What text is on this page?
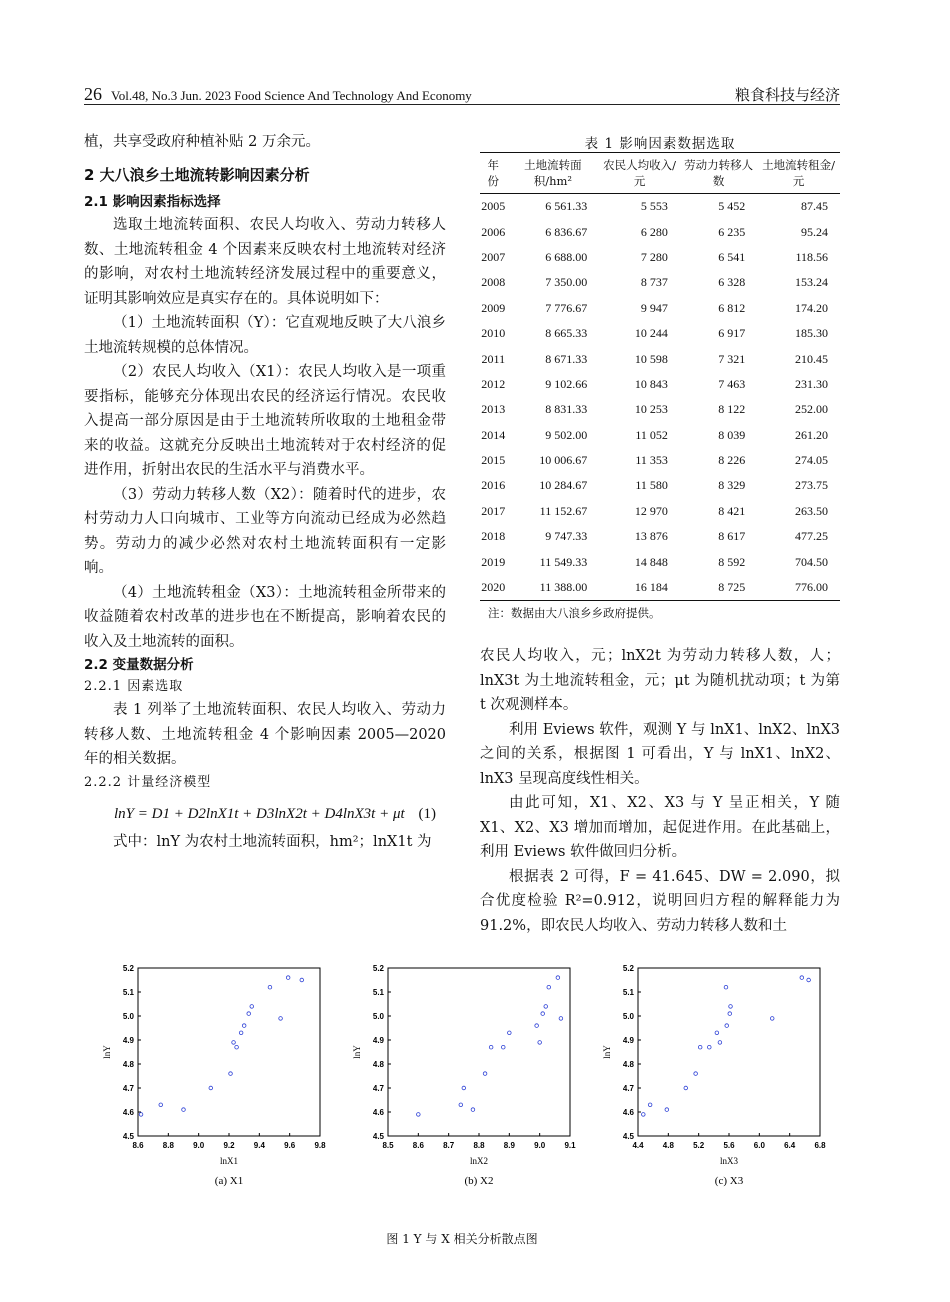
26 Vol.48, No.3 Jun. 2023 Food Science And Technology And Economy	粮食科技与经济

植，共享受政府种植补贴 2 万余元。

2 大八浪乡土地流转影响因素分析
2.1 影响因素指标选择

选取土地流转面积、农民人均收入、劳动力转移人数、土地流转租金 4 个因素来反映农村土地流转对经济的影响，对农村土地流转经济发展过程中的重要意义，证明其影响效应是真实存在的。具体说明如下：

（1）土地流转面积（Y）：它直观地反映了大八浪乡土地流转规模的总体情况。

（2）农民人均收入（X1）：农民人均收入是一项重要指标，能够充分体现出农民的经济运行情况。农民收入提高一部分原因是由于土地流转所收取的土地租金带来的收益。这就充分反映出土地流转对于农村经济的促进作用，折射出农民的生活水平与消费水平。

（3）劳动力转移人数（X2）：随着时代的进步，农村劳动力人口向城市、工业等方向流动已经成为必然趋势。劳动力的减少必然对农村土地流转面积有一定影响。

（4）土地流转租金（X3）：土地流转租金所带来的收益随着农村改革的进步也在不断提高，影响着农民的收入及土地流转的面积。

2.2 变量数据分析
2.2.1 因素选取

表 1 列举了土地流转面积、农民人均收入、劳动力转移人数、土地流转租金 4 个影响因素 2005—2020 年的相关数据。

2.2.2 计量经济模型
lnY = D1 + D2lnX1t + D3lnX2t + D4lnX3t + μt (1)

式中：lnY 为农村土地流转面积，hm²；lnX1t 为

表 1 影响因素数据选取
年份	土地流转面积/hm²	农民人均收入/元	劳动力转移人数	土地流转租金/元
2005	6 561.33	5 553	5 452	87.45
2006	6 836.67	6 280	6 235	95.24
2007	6 688.00	7 280	6 541	118.56
2008	7 350.00	8 737	6 328	153.24
2009	7 776.67	9 947	6 812	174.20
2010	8 665.33	10 244	6 917	185.30
2011	8 671.33	10 598	7 321	210.45
2012	9 102.66	10 843	7 463	231.30
2013	8 831.33	10 253	8 122	252.00
2014	9 502.00	11 052	8 039	261.20
2015	10 006.67	11 353	8 226	274.05
2016	10 284.67	11 580	8 329	273.75
2017	11 152.67	12 970	8 421	263.50
2018	9 747.33	13 876	8 617	477.25
2019	11 549.33	14 848	8 592	704.50
2020	11 388.00	16 184	8 725	776.00
注：数据由大八浪乡乡政府提供。

农民人均收入，元；lnX2t 为劳动力转移人数，人；lnX3t 为土地流转租金，元；μt 为随机扰动项；t 为第 t 次观测样本。

利用 Eviews 软件，观测 Y 与 lnX1、lnX2、lnX3 之间的关系，根据图 1 可看出，Y 与 lnX1、lnX2、lnX3 呈现高度线性相关。

由此可知，X1、X2、X3 与 Y 呈正相关，Y 随 X1、X2、X3 增加而增加，起促进作用。在此基础上，利用 Eviews 软件做回归分析。

根据表 2 可得，F = 41.645、DW = 2.090，拟合优度检验 R²=0.912，说明回归方程的解释能力为 91.2%，即农民人均收入、劳动力转移人数和土

8.6 8.8 9.0 9.2 9.4 9.6 9.8
4.5
4.6
4.7
4.8
4.9
5.0
5.1
5.2
lnX1
lnY
(a) X1
8.5 8.6 8.7 8.8 8.9 9.0 9.1
4.5
4.6
4.7
4.8
4.9
5.0
5.1
5.2
lnX2
lnY
(b) X2
4.4 4.8 5.2 5.6 6.0 6.4 6.8
4.5
4.6
4.7
4.8
4.9
5.0
5.1
5.2
lnX3
lnY
(c) X3
图 1 Y 与 X 相关分析散点图
